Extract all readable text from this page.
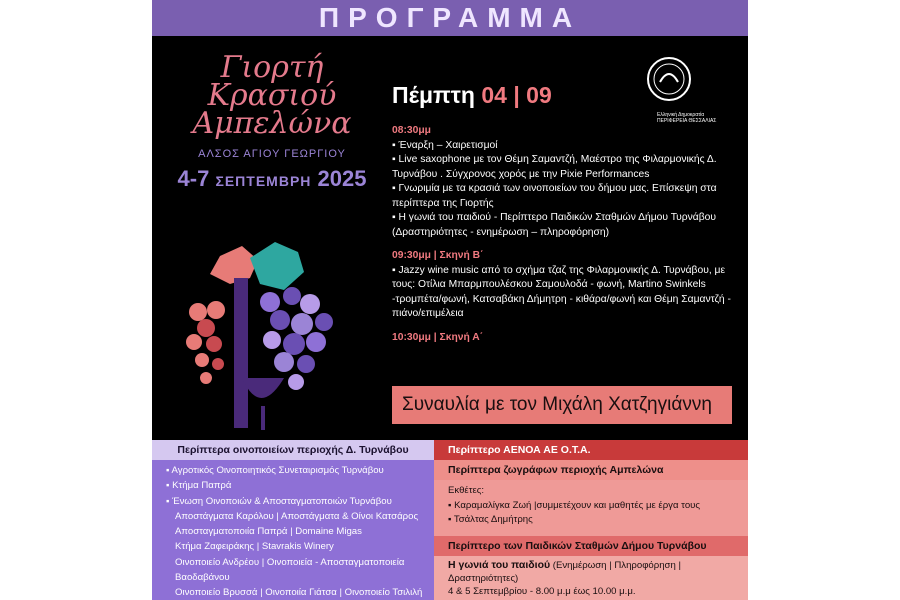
ΠΡΟΓΡΑΜΜΑ
Γιορτή
Κρασιού
Αμπελώνα
ΑΛΣΟΣ ΑΓΙΟΥ ΓΕΩΡΓΙΟΥ
4-7 ΣΕΠΤΕΜΒΡΗ 2025
Ελληνική Δημοκρατία
ΠΕΡΙΦΕΡΕΙΑ ΘΕΣΣΑΛΙΑΣ
Πέμπτη 04 | 09
08:30μμ
▪ Έναρξη – Χαιρετισμοί
▪ Live saxophone με τον Θέμη Σαμαντζή, Μαέστρο της Φιλαρμονικής Δ. Τυρνάβου . Σύγχρονος χορός με την Pixie Performances
▪ Γνωριμία με τα κρασιά των οινοποιείων του δήμου μας. Επίσκεψη στα περίπτερα της Γιορτής
▪ Η γωνιά του παιδιού - Περίπτερο Παιδικών Σταθμών Δήμου Τυρνάβου (Δραστηριότητες - ενημέρωση – πληροφόρηση)
09:30μμ | Σκηνή Β΄
▪ Jazzy wine music από το σχήμα τζαζ της Φιλαρμονικής Δ. Τυρνάβου, με τους: Οτίλια Μπαρμπουλέσκου Σαμουλοδά - φωνή, Martino Swinkels -τρομπέτα/φωνή, Κατσαβάκη Δήμητρη - κιθάρα/φωνή και Θέμη Σαμαντζή - πιάνο/επιμέλεια
10:30μμ | Σκηνή Α΄
Συναυλία με τον Μιχάλη Χατζηγιάννη
Περίπτερα οινοποιείων περιοχής Δ. Τυρνάβου
▪ Αγροτικός Οινοποιητικός Συνεταιρισμός Τυρνάβου
▪ Κτήμα Παπρά
▪ Ένωση Οινοποιών & Αποσταγματοποιών Τυρνάβου
Αποστάγματα Καρόλου | Αποστάγματα & Οίνοι Κατσάρος
Αποσταγματοποιία Παπρά | Domaine Migas
Κτήμα Ζαφειράκης | Stavrakis Winery
Οινοποιείο Ανδρέου | Οινοποιεία - Αποσταγματοποιεία Βαοδαβάνου
Οινοποιείο Βρυσσά | Οινοποιία Γιάτσα | Οινοποιείο Τσιλιλή
Περίπτερο ΑΕΝΟΑ ΑΕ Ο.Τ.Α.
Περίπτερα ζωγράφων περιοχής Αμπελώνα
Εκθέτες:
▪ Καραμαλίγκα Ζωή |συμμετέχουν και μαθητές με έργα τους
▪ Τσάλτας Δημήτρης
Περίπτερο των Παιδικών Σταθμών Δήμου Τυρνάβου
Η γωνιά του παιδιού (Ενημέρωση | Πληροφόρηση | Δραστηριότητες)
4 & 5 Σεπτεμβρίου - 8.00 μ.μ έως 10.00 μ.μ.
